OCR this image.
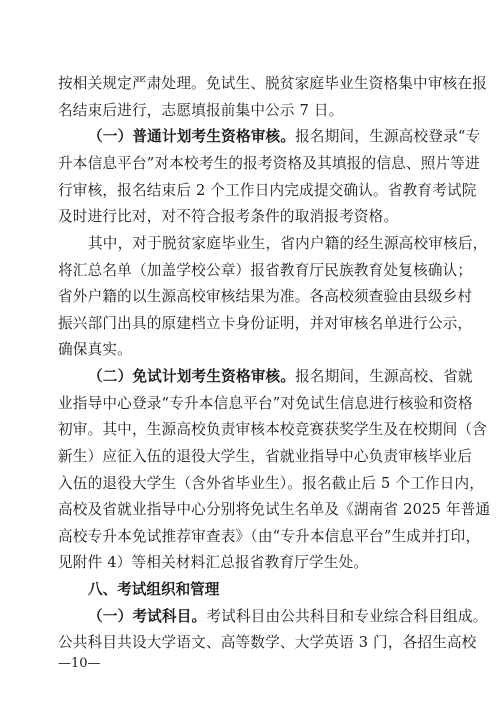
按相关规定严肃处理。免试生、脱贫家庭毕业生资格集中审核在报
名结束后进行，志愿填报前集中公示 7 日。
（一）普通计划考生资格审核。报名期间，生源高校登录“专
升本信息平台”对本校考生的报考资格及其填报的信息、照片等进
行审核，报名结束后 2 个工作日内完成提交确认。省教育考试院
及时进行比对，对不符合报考条件的取消报考资格。
其中，对于脱贫家庭毕业生，省内户籍的经生源高校审核后，
将汇总名单（加盖学校公章）报省教育厅民族教育处复核确认；
省外户籍的以生源高校审核结果为准。各高校须查验由县级乡村
振兴部门出具的原建档立卡身份证明，并对审核名单进行公示，
确保真实。
（二）免试计划考生资格审核。报名期间，生源高校、省就
业指导中心登录“专升本信息平台”对免试生信息进行核验和资格
初审。其中，生源高校负责审核本校竞赛获奖学生及在校期间（含
新生）应征入伍的退役大学生，省就业指导中心负责审核毕业后
入伍的退役大学生（含外省毕业生）。报名截止后 5 个工作日内，
高校及省就业指导中心分别将免试生名单及《湖南省 2025 年普通
高校专升本免试推荐审查表》（由“专升本信息平台”生成并打印，
见附件 4）等相关材料汇总报省教育厅学生处。
八、考试组织和管理
（一）考试科目。考试科目由公共科目和专业综合科目组成。
公共科目共设大学语文、高等数学、大学英语 3 门，各招生高校
—10—
